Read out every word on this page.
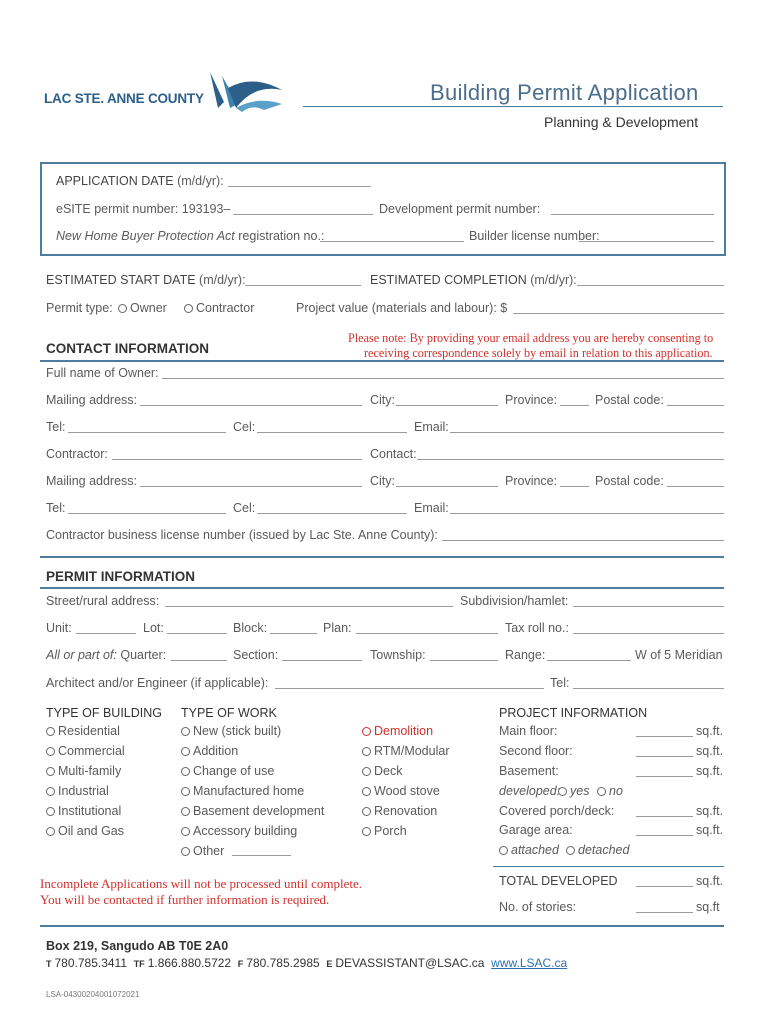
LAC STE. ANNE COUNTY	Building Permit Application
Planning & Development
APPLICATION DATE (m/d/yr):
eSITE permit number: 193193–	Development permit number:
New Home Buyer Protection Act registration no.:	Builder license number:
ESTIMATED START DATE (m/d/yr):	ESTIMATED COMPLETION (m/d/yr):
Permit type:	Owner	Contractor	Project value (materials and labour): $
CONTACT INFORMATION
Please note: By providing your email address you are hereby consenting to
receiving correspondence solely by email in relation to this application.
Full name of Owner:
Mailing address:	City:	Province:	Postal code:
Tel:	Cel:	Email:
Contractor:	Contact:
Mailing address:	City:	Province:	Postal code:
Tel:	Cel:	Email:
Contractor business license number (issued by Lac Ste. Anne County):
PERMIT INFORMATION
Street/rural address:	Subdivision/hamlet:
Unit:	Lot:	Block:	Plan:	Tax roll no.:
All or part of: Quarter:	Section:	Township:	Range:	W of 5 Meridian
Architect and/or Engineer (if applicable):	Tel:
TYPE OF BUILDING
Residential
Commercial
Multi-family
Industrial
Institutional
Oil and Gas
TYPE OF WORK
New (stick built)
Addition
Change of use
Manufactured home
Basement development
Accessory building
Other
Demolition
RTM/Modular
Deck
Wood stove
Renovation
Porch
PROJECT INFORMATION
Main floor:	sq.ft.
Second floor:	sq.ft.
Basement:	sq.ft.
developed: yes	no
Covered porch/deck:	sq.ft.
Garage area:	sq.ft.
attached	detached
TOTAL DEVELOPED	sq.ft.
No. of stories:	sq.ft
Incomplete Applications will not be processed until complete.
You will be contacted if further information is required.
Box 219, Sangudo AB T0E 2A0
T 780.785.3411 TF 1.866.880.5722 F 780.785.2985 E DEVASSISTANT@LSAC.ca www.LSAC.ca
LSA-04300204001072021
